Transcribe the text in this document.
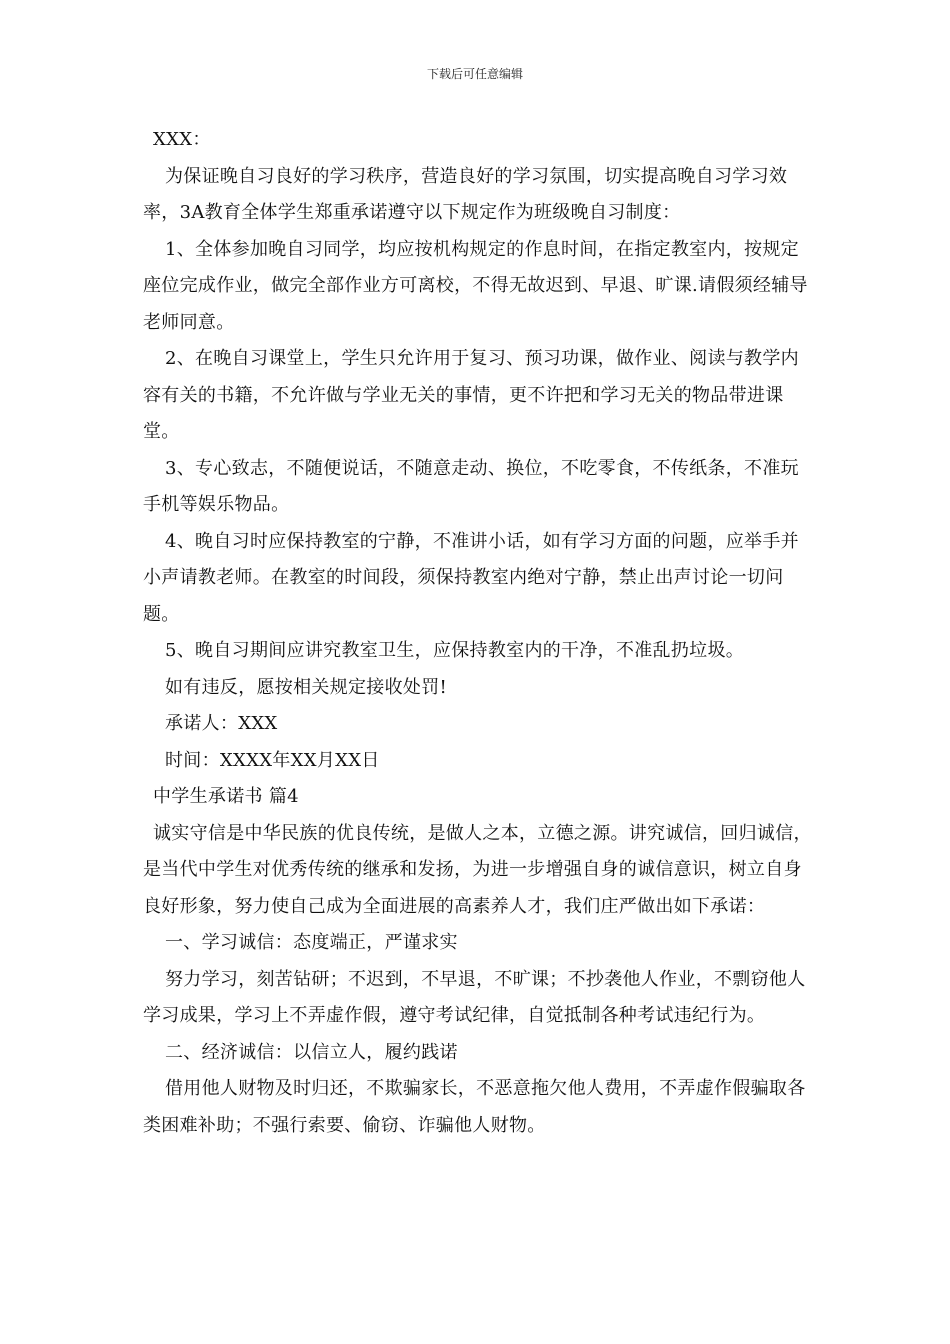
下载后可任意编辑

XXX：

为保证晚自习良好的学习秩序，营造良好的学习氛围，切实提高晚自习学习效率，3A教育全体学生郑重承诺遵守以下规定作为班级晚自习制度：

1、全体参加晚自习同学，均应按机构规定的作息时间，在指定教室内，按规定座位完成作业，做完全部作业方可离校，不得无故迟到、早退、旷课.请假须经辅导老师同意。

2、在晚自习课堂上，学生只允许用于复习、预习功课，做作业、阅读与教学内容有关的书籍，不允许做与学业无关的事情，更不许把和学习无关的物品带进课堂。

3、专心致志，不随便说话，不随意走动、换位，不吃零食，不传纸条，不准玩手机等娱乐物品。

4、晚自习时应保持教室的宁静，不准讲小话，如有学习方面的问题，应举手并小声请教老师。在教室的时间段，须保持教室内绝对宁静，禁止出声讨论一切问题。

5、晚自习期间应讲究教室卫生，应保持教室内的干净，不准乱扔垃圾。

如有违反，愿按相关规定接收处罚!

承诺人：XXX

时间：XXXX年XX月XX日

中学生承诺书 篇4

诚实守信是中华民族的优良传统，是做人之本，立德之源。讲究诚信，回归诚信，是当代中学生对优秀传统的继承和发扬，为进一步增强自身的诚信意识，树立自身良好形象，努力使自己成为全面进展的高素养人才，我们庄严做出如下承诺：

一、学习诚信：态度端正，严谨求实

努力学习，刻苦钻研；不迟到，不早退，不旷课；不抄袭他人作业，不剽窃他人学习成果，学习上不弄虚作假，遵守考试纪律，自觉抵制各种考试违纪行为。

二、经济诚信：以信立人，履约践诺

借用他人财物及时归还，不欺骗家长，不恶意拖欠他人费用，不弄虚作假骗取各类困难补助；不强行索要、偷窃、诈骗他人财物。
